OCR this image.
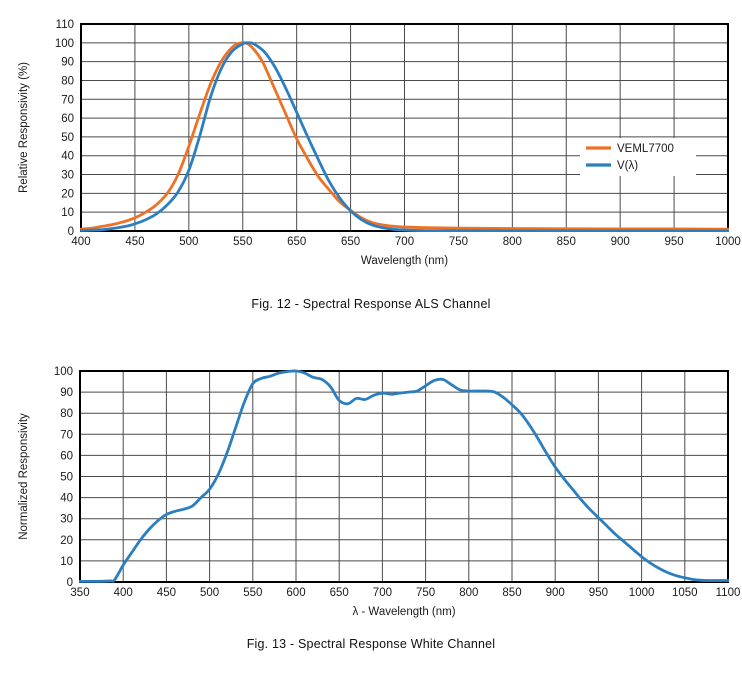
400	450	500	550	650	650	700	750	800	850	900	950	1000
0
10
20
30
40
50
60
70
80
90
100
110
Wavelength (nm)
Relative Responsivity (%)	VEML7700
V(λ)
Fig. 12 - Spectral Response ALS Channel
350 400 450 500 550 600 650 700 750 800 850 900 950 1000 1050 1100
0
10
20
30
40
50
60
70
80
90
100
λ - Wavelength (nm)
Normalized Responsivity
Fig. 13 - Spectral Response White Channel
